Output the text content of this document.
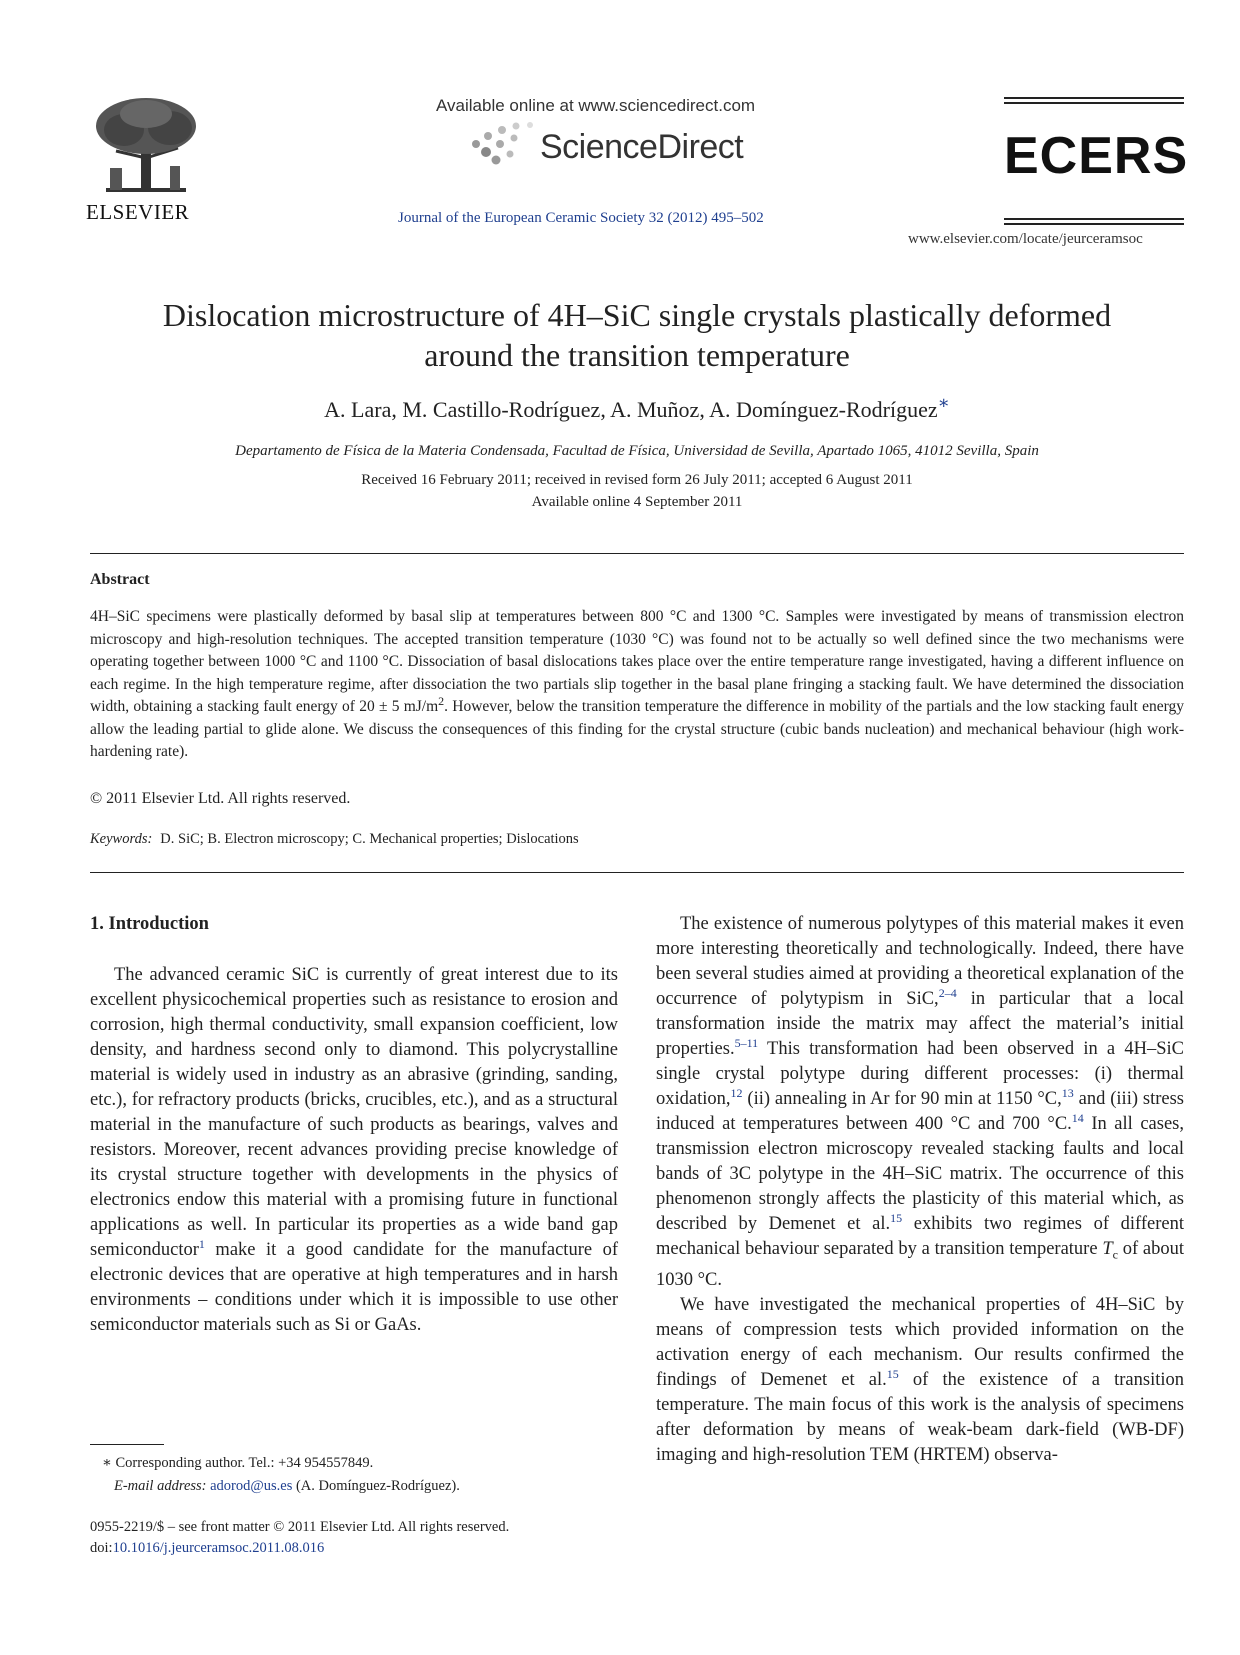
ELSEVIER
Available online at www.sciencedirect.com
ScienceDirect
Journal of the European Ceramic Society 32 (2012) 495–502
ECERS
www.elsevier.com/locate/jeurceramsoc
Dislocation microstructure of 4H–SiC single crystals plastically deformed
around the transition temperature
A. Lara, M. Castillo-Rodríguez, A. Muñoz, A. Domínguez-Rodríguez∗
Departamento de Física de la Materia Condensada, Facultad de Física, Universidad de Sevilla, Apartado 1065, 41012 Sevilla, Spain
Received 16 February 2011; received in revised form 26 July 2011; accepted 6 August 2011
Available online 4 September 2011
Abstract
4H–SiC specimens were plastically deformed by basal slip at temperatures between 800 °C and 1300 °C. Samples were investigated by means of transmission electron microscopy and high-resolution techniques. The accepted transition temperature (1030 °C) was found not to be actually so well defined since the two mechanisms were operating together between 1000 °C and 1100 °C. Dissociation of basal dislocations takes place over the entire temperature range investigated, having a different influence on each regime. In the high temperature regime, after dissociation the two partials slip together in the basal plane fringing a stacking fault. We have determined the dissociation width, obtaining a stacking fault energy of 20 ± 5 $mJ/m^2$. However, below the transition temperature the difference in mobility of the partials and the low stacking fault energy allow the leading partial to glide alone. We discuss the consequences of this finding for the crystal structure (cubic bands nucleation) and mechanical behaviour (high work-hardening rate).
© 2011 Elsevier Ltd. All rights reserved.
Keywords: D. SiC; B. Electron microscopy; C. Mechanical properties; Dislocations
1. Introduction

The advanced ceramic SiC is currently of great interest due to its excellent physicochemical properties such as resistance to erosion and corrosion, high thermal conductivity, small expansion coefficient, low density, and hardness second only to diamond. This polycrystalline material is widely used in industry as an abrasive (grinding, sanding, etc.), for refractory products (bricks, crucibles, etc.), and as a structural material in the manufacture of such products as bearings, valves and resistors. Moreover, recent advances providing precise knowledge of its crystal structure together with developments in the physics of electronics endow this material with a promising future in functional applications as well. In particular its properties as a wide band gap semiconductor$^1$ make it a good candidate for the manufacture of electronic devices that are operative at high temperatures and in harsh environments – conditions under which it is impossible to use other semiconductor materials such as Si or GaAs.

The existence of numerous polytypes of this material makes it even more interesting theoretically and technologically. Indeed, there have been several studies aimed at providing a theoretical explanation of the occurrence of polytypism in SiC,$^{2-4}$ in particular that a local transformation inside the matrix may affect the material’s initial properties.$^{5-11}$ This transformation had been observed in a 4H–SiC single crystal polytype during different processes: (i) thermal oxidation,$^{12}$ (ii) annealing in Ar for 90 min at 1150 °C,$^{13}$ and (iii) stress induced at temperatures between 400 °C and 700 °C.$^{14}$ In all cases, transmission electron microscopy revealed stacking faults and local bands of 3C polytype in the 4H–SiC matrix. The occurrence of this phenomenon strongly affects the plasticity of this material which, as described by Demenet et al.$^{15}$ exhibits two regimes of different mechanical behaviour separated by a transition temperature $T_c$ of about 1030 °C.

We have investigated the mechanical properties of 4H–SiC by means of compression tests which provided information on the activation energy of each mechanism. Our results confirmed the findings of Demenet et al.$^{15}$ of the existence of a transition temperature. The main focus of this work is the analysis of specimens after deformation by means of weak-beam dark-field (WB-DF) imaging and high-resolution TEM (HRTEM) observa-

∗ Corresponding author. Tel.: +34 954557849.
E-mail address: adorod@us.es (A. Domínguez-Rodríguez).
0955-2219/$ – see front matter © 2011 Elsevier Ltd. All rights reserved.
doi:10.1016/j.jeurceramsoc.2011.08.016
